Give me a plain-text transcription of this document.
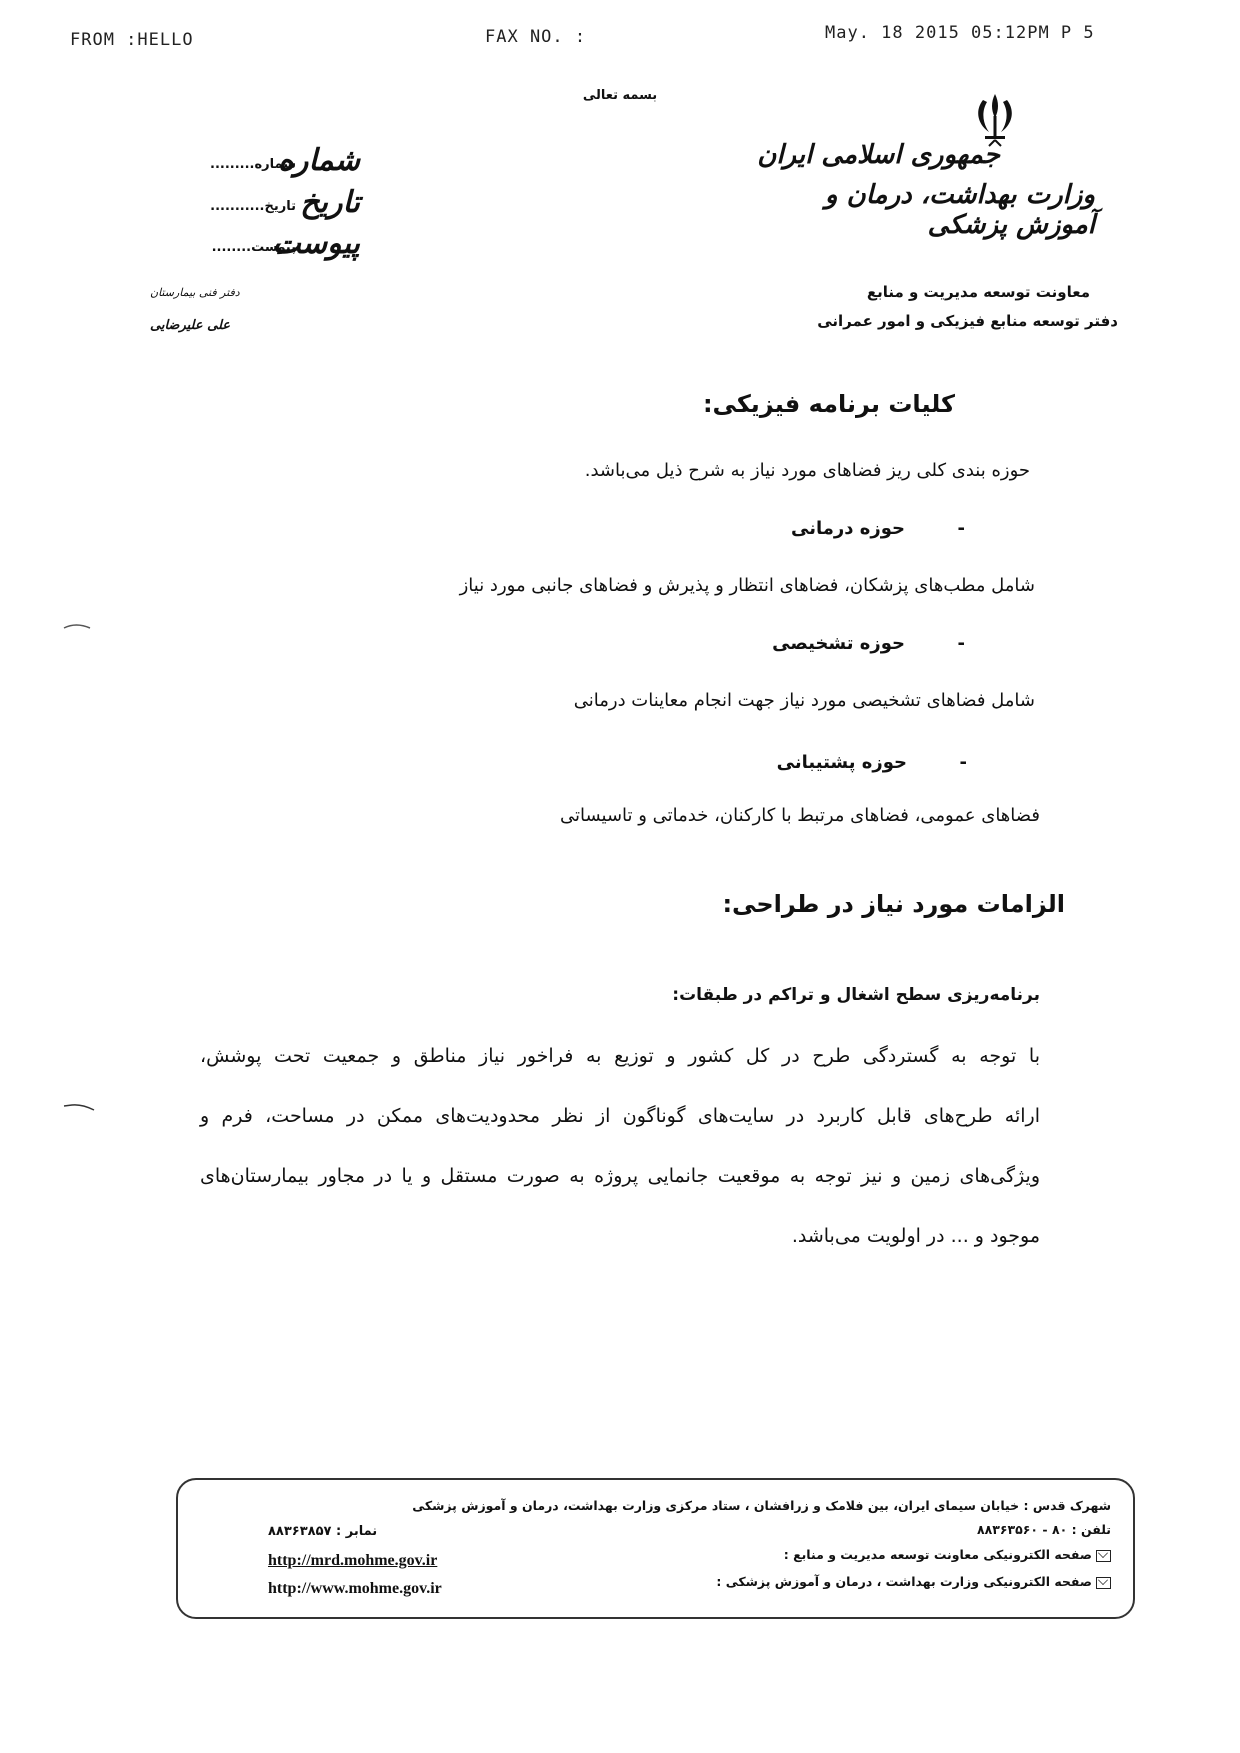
FROM :HELLO	FAX NO. :	May. 18 2015 05:12PM P 5
بسمه تعالی
جمهوری اسلامی ایران
وزارت بهداشت، درمان و آموزش پزشکی
معاونت توسعه مدیریت و منابع
دفتر توسعه منابع فیزیکی و امور عمرانی
شماره
شماره.........
تاریخ
تاریخ...........
پیوست
پیوست........
دفتر فنی بیمارستان
علی علیرضایی
کلیات برنامه فیزیکی:
حوزه بندی کلی ریز فضاهای مورد نیاز به شرح ذیل می‌باشد.
-حوزه درمانی
شامل مطب‌های پزشکان، فضاهای انتظار و پذیرش و فضاهای جانبی مورد نیاز
-حوزه تشخیصی
شامل فضاهای تشخیصی مورد نیاز جهت انجام معاینات درمانی
-حوزه پشتیبانی
فضاهای عمومی، فضاهای مرتبط با کارکنان، خدماتی و تاسیساتی
الزامات مورد نیاز در طراحی:
برنامه‌ریزی سطح اشغال و تراکم در طبقات:
با توجه به گستردگی طرح در کل کشور و توزیع به فراخور نیاز مناطق و جمعیت تحت پوشش،
ارائه طرح‌های قابل کاربرد در سایت‌های گوناگون از نظر محدودیت‌های ممکن در مساحت، فرم و
ویژگی‌های زمین و نیز توجه به موقعیت جانمایی پروژه به صورت مستقل و یا در مجاور بیمارستان‌های
موجود و ... در اولویت می‌باشد.
شهرک قدس : خیابان سیمای ایران، بین فلامک و زرافشان ، ستاد مرکزی وزارت بهداشت، درمان و آموزش پزشکی
تلفن : ۸۰ - ۸۸۳۶۳۵۶۰
صفحه الکترونیکی معاونت توسعه مدیریت و منابع :
صفحه الکترونیکی وزارت بهداشت ، درمان و آموزش پزشکی :
نمابر : ۸۸۳۶۳۸۵۷
http://mrd.mohme.gov.ir
http://www.mohme.gov.ir
